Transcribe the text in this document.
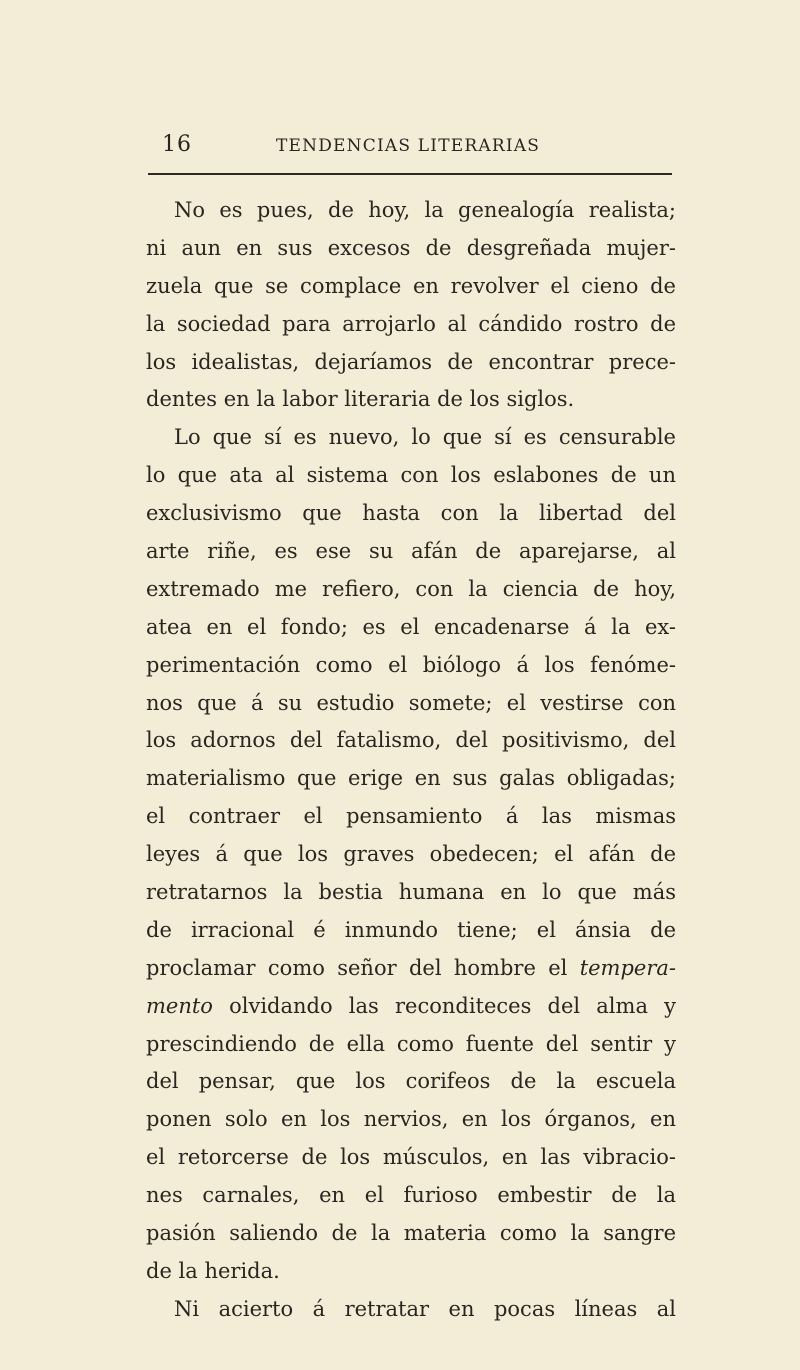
16	TENDENCIAS LITERARIAS
No es pues, de hoy, la genealogía realista;
ni aun en sus excesos de desgreñada mujer-
zuela que se complace en revolver el cieno de
la sociedad para arrojarlo al cándido rostro de
los idealistas, dejaríamos de encontrar prece-
dentes en la labor literaria de los siglos.
Lo que sí es nuevo, lo que sí es censurable
lo que ata al sistema con los eslabones de un
exclusivismo que hasta con la libertad del
arte riñe, es ese su afán de aparejarse, al
extremado me refiero, con la ciencia de hoy,
atea en el fondo; es el encadenarse á la ex-
perimentación como el biólogo á los fenóme-
nos que á su estudio somete; el vestirse con
los adornos del fatalismo, del positivismo, del
materialismo que erige en sus galas obligadas;
el contraer el pensamiento á las mismas
leyes á que los graves obedecen; el afán de
retratarnos la bestia humana en lo que más
de irracional é inmundo tiene; el ánsia de
proclamar como señor del hombre el tempera-
mento olvidando las reconditeces del alma y
prescindiendo de ella como fuente del sentir y
del pensar, que los corifeos de la escuela
ponen solo en los nervios, en los órganos, en
el retorcerse de los músculos, en las vibracio-
nes carnales, en el furioso embestir de la
pasión saliendo de la materia como la sangre
de la herida.
Ni acierto á retratar en pocas líneas al
